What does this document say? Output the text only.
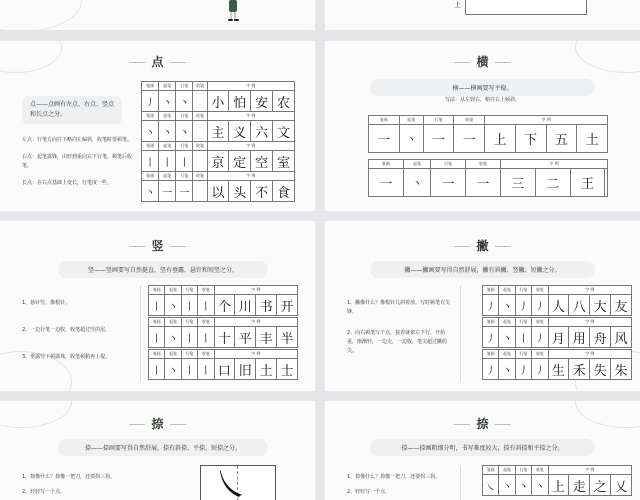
上
点
点——点画有左点、右点、竖点和长点之分。

左点：行笔方向往下略向左偏斜，收笔时要顿笔。

右点：起笔露锋，由轻到重向右下行笔，顿笔后收笔。

长点：在右点基础上变长，行笔度一些。

笔画	起笔	行笔	收笔	字 例			
丿	丶	丶		小	怕	安	农
笔画	起笔	行笔	收笔	字 例			
丶	丶	丶		主	义	六	文
笔画	起笔	行笔	收笔	字 例			
丨	丨	丨		京	定	空	室
笔画	起笔	行笔	收笔	字 例			
丶	一	一		以	头	不	食
横
横——横画要写平稳。
写法：从左到右，稍往右上倾斜。
笔画	起笔	行笔	收笔	字 例			
一	丶	一	一	上	下	五	土
笔画	起笔	行笔	收笔	字 例			
一	丶	一	一	三	二	王	
竖
竖——竖画要写自然挺直，竖有垂露、悬针和短竖之分。

1、悬针竖，像根针。

2、一边行笔一边收，收笔超过竖的尾。

3、垂露竖下顿露珠，收笔顿稍再上提。

笔画	起笔	行笔	收笔	字 例			
丨	丶	丨	丨	个	川	书	开
笔画	起笔	行笔	收笔	字 例			
丨	丶	丨	丨	十	平	丰	半
笔画	起笔	行笔	收笔	字 例			
丨	丶	丨	丨	口	旧	土	士
撇
撇——撇画要写得自然舒展，撇有斜撇、竖撇、短撇之分。

1、撇像什么？像根针儿斜着放，写时顿笔有尖锋。

2、向右顿笔写个点，接着就依左下行，开始重，渐渐轻，一边走，一边收，笔尖超过撇的尖。

笔画	起笔	行笔	收笔	字 例			
丿	丶	丿	丿	人	八	大	友
笔画	起笔	行笔	收笔	字 例			
丿	丶	丨	丿	月	用	舟	风
笔画	起笔	行笔	收笔	字 例			
丿	丶	丿	丿	生	禾	失	朱
捺
捺——捺画要写得自然舒展，捺有斜捺、平捺、短捺之分。

1、捺像什么？捺像一把刀，还要拐三拐。

2、轻轻写一个点，	㇏
捺
捺——捺画粗细分明，书写难度较大，捺有斜捺和平捺之分。

1、捺像什么？捺像一把刀，还要拐三拐。

2、轻轻写一个点，

笔画	起笔	行笔	收笔	字 例			
㇏	丶	丶	丶	上	走	之	乂
